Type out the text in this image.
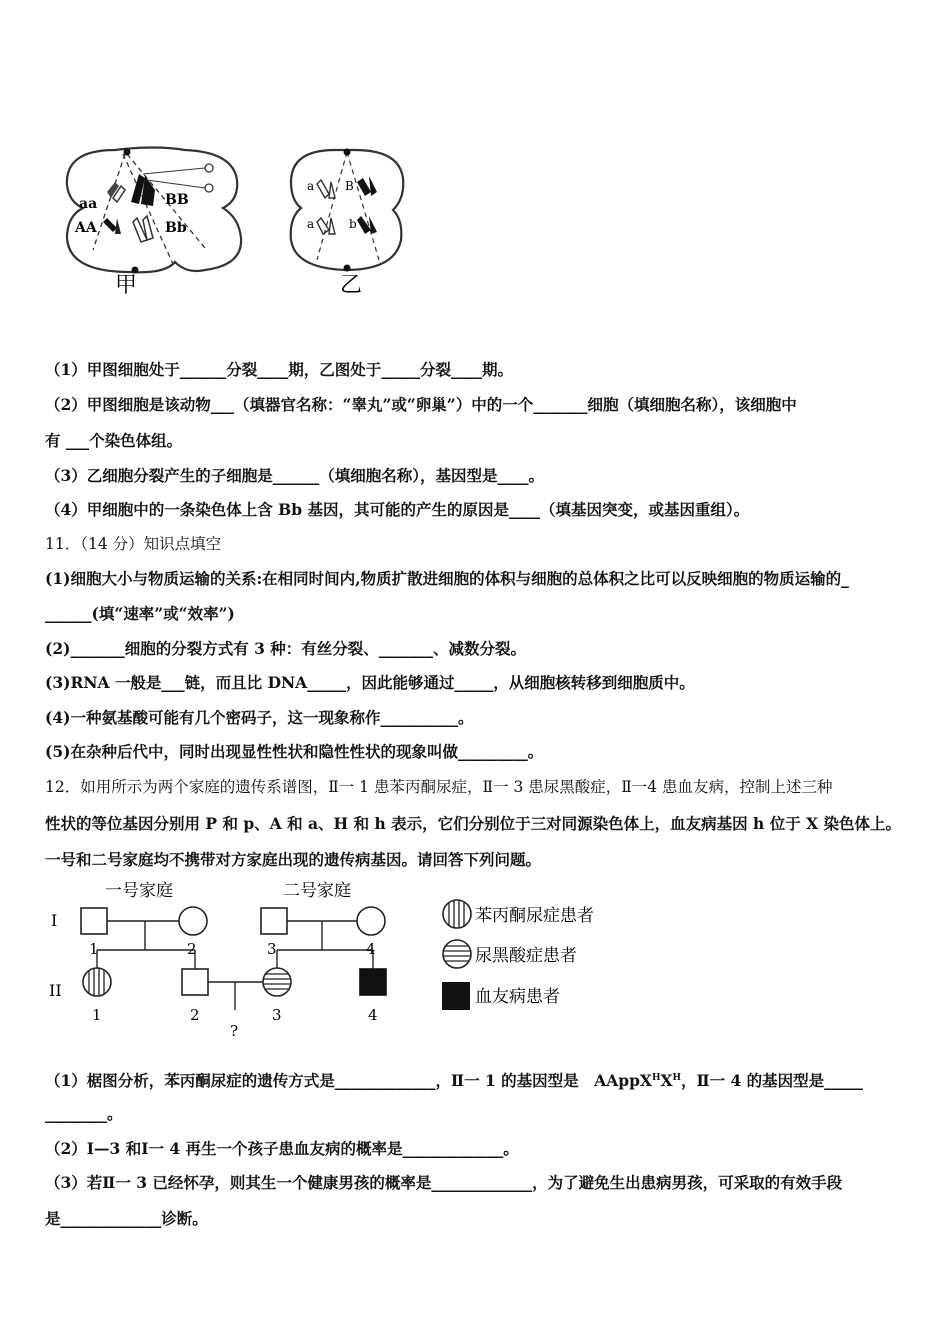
aa
AA
BB
Bb
甲
a
a
B
b
乙
（1）甲图细胞处于______分裂____期，乙图处于_____分裂____期。
（2）甲图细胞是该动物___（填器官名称：“睾丸”或“卵巢”）中的一个_______细胞（填细胞名称），该细胞中
有 ___个染色体组。
（3）乙细胞分裂产生的子细胞是______（填细胞名称），基因型是____。
（4）甲细胞中的一条染色体上含 Bb 基因，其可能的产生的原因是____（填基因突变，或基因重组）。
11．（14 分）知识点填空
(1)细胞大小与物质运输的关系:在相同时间内,物质扩散进细胞的体积与细胞的总体积之比可以反映细胞的物质运输的_
______(填“速率”或“效率”)
(2)_______细胞的分裂方式有 3 种：有丝分裂、_______、减数分裂。
(3)RNA 一般是___链，而且比 DNA_____，因此能够通过_____，从细胞核转移到细胞质中。
(4)一种氨基酸可能有几个密码子，这一现象称作__________。
(5)在杂种后代中，同时出现显性性状和隐性性状的现象叫做_________。
12．如用所示为两个家庭的遗传系谱图，Ⅱ一 1 患苯丙酮尿症，Ⅱ一 3 患尿黑酸症，Ⅱ一4 患血友病，控制上述三种
性状的等位基因分别用 P 和 p、A 和 a、H 和 h 表示，它们分别位于三对同源染色体上，血友病基因 h 位于 X 染色体上。
一号和二号家庭均不携带对方家庭出现的遗传病基因。请回答下列问题。
一号家庭	二号家庭
I
II
1	2	3	4
1	2	3	4
?
苯丙酮尿症患者
尿黑酸症患者
血友病患者
（1）椐图分析，苯丙酮尿症的遗传方式是_____________，Ⅱ一 1 的基因型是　$AAppX^HX^H$，Ⅱ一 4 的基因型是_____
________。
（2）Ⅰ—3 和Ⅰ一 4 再生一个孩子患血友病的概率是_____________。
（3）若Ⅱ一 3 已经怀孕，则其生一个健康男孩的概率是_____________，为了避免生出患病男孩，可采取的有效手段
是_____________诊断。
